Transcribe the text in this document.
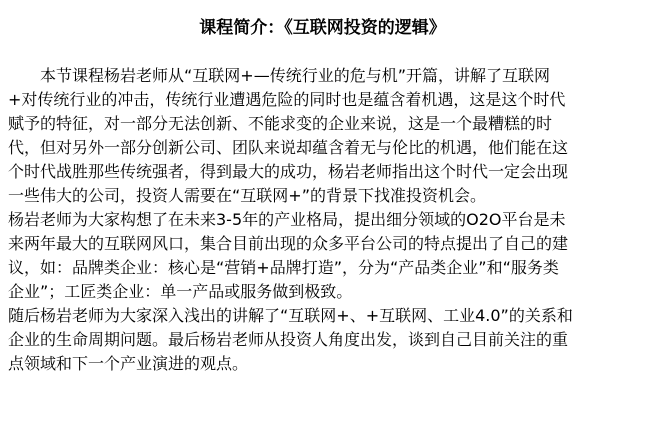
课程简介：《互联网投资的逻辑》
本节课程杨岩老师从“互联网+—传统行业的危与机”开篇，讲解了互联网
+对传统行业的冲击，传统行业遭遇危险的同时也是蕴含着机遇，这是这个时代
赋予的特征，对一部分无法创新、不能求变的企业来说，这是一个最糟糕的时
代，但对另外一部分创新公司、团队来说却蕴含着无与伦比的机遇，他们能在这
个时代战胜那些传统强者，得到最大的成功，杨岩老师指出这个时代一定会出现
一些伟大的公司，投资人需要在“互联网+”的背景下找准投资机会。
杨岩老师为大家构想了在未来3-5年的产业格局，提出细分领域的O2O平台是未
来两年最大的互联网风口，集合目前出现的众多平台公司的特点提出了自己的建
议，如：品牌类企业：核心是“营销+品牌打造”，分为“产品类企业”和“服务类
企业”；工匠类企业：单一产品或服务做到极致。
随后杨岩老师为大家深入浅出的讲解了“互联网+、+互联网、工业4.0”的关系和
企业的生命周期问题。最后杨岩老师从投资人角度出发，谈到自己目前关注的重
点领域和下一个产业演进的观点。
